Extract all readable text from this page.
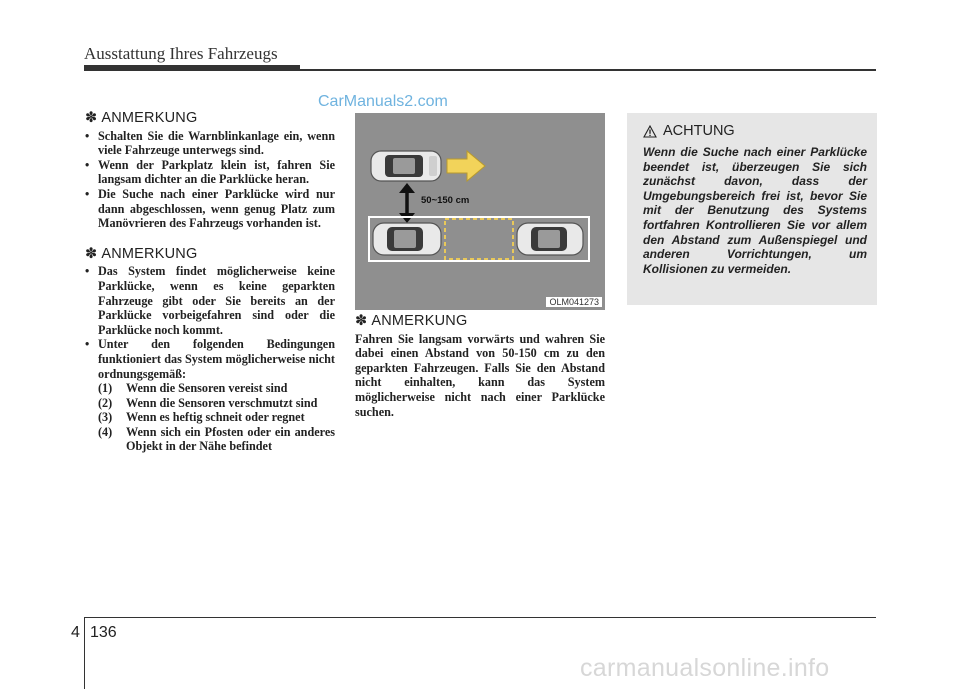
Ausstattung Ihres Fahrzeugs
CarManuals2.com
✽ ANMERKUNG
• Schalten Sie die Warnblinkanlage ein, wenn viele Fahrzeuge unterwegs sind.
• Wenn der Parkplatz klein ist, fahren Sie langsam dichter an die Parklücke heran.
• Die Suche nach einer Parklücke wird nur dann abgeschlossen, wenn genug Platz zum Manövrieren des Fahrzeugs vorhanden ist.
✽ ANMERKUNG
• Das System findet möglicherweise keine Parklücke, wenn es keine geparkten Fahrzeuge gibt oder Sie bereits an der Parklücke vorbeigefahren sind oder die Parklücke noch kommt.
• Unter den folgenden Bedingungen funktioniert das System möglicherweise nicht ordnungsgemäß:
(1) Wenn die Sensoren vereist sind
(2) Wenn die Sensoren verschmutzt sind
(3) Wenn es heftig schneit oder regnet
(4) Wenn sich ein Pfosten oder ein anderes Objekt in der Nähe befindet
50~150 cm
OLM041273
✽ ANMERKUNG

Fahren Sie langsam vorwärts und wahren Sie dabei einen Abstand von 50-150 cm zu den geparkten Fahrzeugen. Falls Sie den Abstand nicht einhalten, kann das System möglicherweise nicht nach einer Parklücke suchen.

ACHTUNG
Wenn die Suche nach einer Parklücke beendet ist, überzeugen Sie sich zunächst davon, dass der Umgebungsbereich frei ist, bevor Sie mit der Benutzung des Systems fortfahren Kontrollieren Sie vor allem den Abstand zum Außenspiegel und anderen Vorrichtungen, um Kollisionen zu vermeiden.
4 136
carmanualsonline.info
